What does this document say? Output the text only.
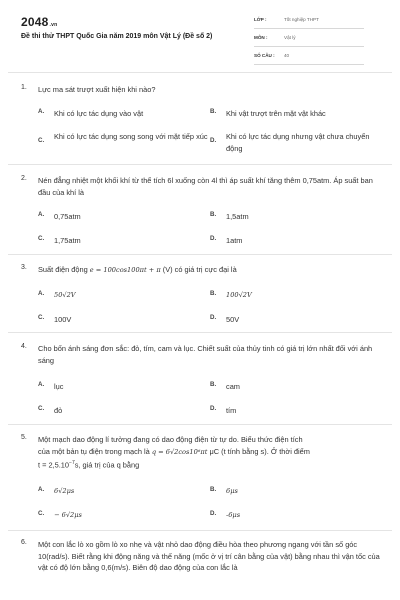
2048.vn
Đề thi thử THPT Quốc Gia năm 2019 môn Vật Lý (Đề số 2)
LỚP :	Tốt nghiệp THPT
MÔN :	Vật lý
SỐ CÂU : 40
1. Lực ma sát trượt xuất hiện khi nào?
A. Khi có lực tác dụng vào vật	B. Khi vật trượt trên mặt vật khác
C. Khi có lực tác dụng song song với mặt tiếp xúc D. Khi có lực tác dụng nhưng vật chưa chuyển động
2. Nén đẳng nhiệt một khối khí từ thể tích 6l xuống còn 4l thì áp suất khí tăng thêm 0,75atm. Áp suất ban đầu của khí là
A. 0,75atm	B. 1,5atm
C. 1,75atm	D. 1atm
3. Suất điện động e = 100cos100πt + π (V) có giá trị cực đại là
A. 50√2V	B. 100√2V
C. 100V	D. 50V
4. Cho bốn ánh sáng đơn sắc: đỏ, tím, cam và lục. Chiết suất của thủy tinh có giá trị lớn nhất đối với ánh sáng
A. lục	B. cam
C. đỏ	D. tím
5. Một mạch dao động lí tưởng đang có dao động điện từ tự do. Biểu thức điện tích
của một bản tụ điện trong mạch là q = 6√2cos10⁶πt μC (t tính bằng s). Ở thời điểm
$t = 2,5.10^{-7}s$, giá trị của q bằng
A. 6√2μs	B. 6μs
C. − 6√2μs	D. -6μs
6. Một con lắc lò xo gồm lò xo nhẹ và vật nhỏ dao động điều hòa theo phương ngang với tần số góc 10(rad/s). Biết rằng khi động năng và thế năng (mốc ở vị trí cân bằng của vật) bằng nhau thì vận tốc của vật có độ lớn bằng 0,6(m/s). Biên độ dao động của con lắc là
